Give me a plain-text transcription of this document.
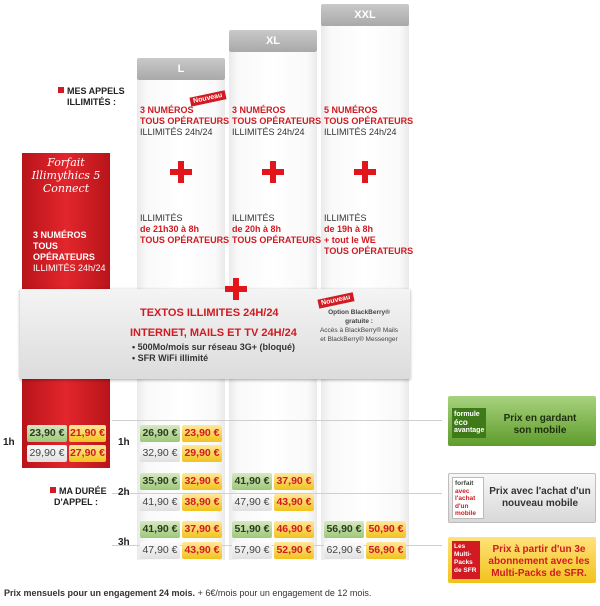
L
XL
XXL
MES APPELS
ILLIMITÉS :
MA DURÉE
D'APPEL :
Forfait
Illimythics 5
Connect
3 NUMÉROS
TOUS
OPÉRATEURS
ILLIMITÉS 24h/24
Nouveau
3 NUMÉROS
TOUS OPÉRATEURS
ILLIMITÉS 24h/24
ILLIMITÉS
de 21h30 à 8h
TOUS OPÉRATEURS
3 NUMÉROS
TOUS OPÉRATEURS
ILLIMITÉS 24h/24
ILLIMITÉS
de 20h à 8h
TOUS OPÉRATEURS
5 NUMÉROS
TOUS OPÉRATEURS
ILLIMITÉS 24h/24
ILLIMITÉS
de 19h à 8h
+ tout le WE
TOUS OPÉRATEURS
TEXTOS ILLIMITES 24H/24
INTERNET, MAILS ET TV 24H/24
• 500Mo/mois sur réseau 3G+ (bloqué)
• SFR WiFi illimité
Nouveau
Option BlackBerry®
gratuite :
Accès à BlackBerry® Mails
et BlackBerry® Messenger
1h	1h
2h
3h
23,90 € 21,90 €
29,90 € 27,90 €
26,90 € 23,90 €
32,90 € 29,90 €
35,90 € 32,90 €
41,90 € 38,90 €
41,90 € 37,90 €
47,90 € 43,90 €
41,90 € 37,90 €
47,90 € 43,90 €
51,90 € 46,90 €
57,90 € 52,90 €
56,90 € 50,90 €
62,90 € 56,90 €
formule
éco
avantage
Prix en gardant
son mobile
forfait
avec
l'achat
d'un
mobile
Prix avec l'achat d'un
nouveau mobile
Les
Multi-
Packs
de SFR
Prix à partir d'un 3e
abonnement avec les
Multi-Packs de SFR.
Prix mensuels pour un engagement 24 mois. + 6€/mois pour un engagement de 12 mois.
